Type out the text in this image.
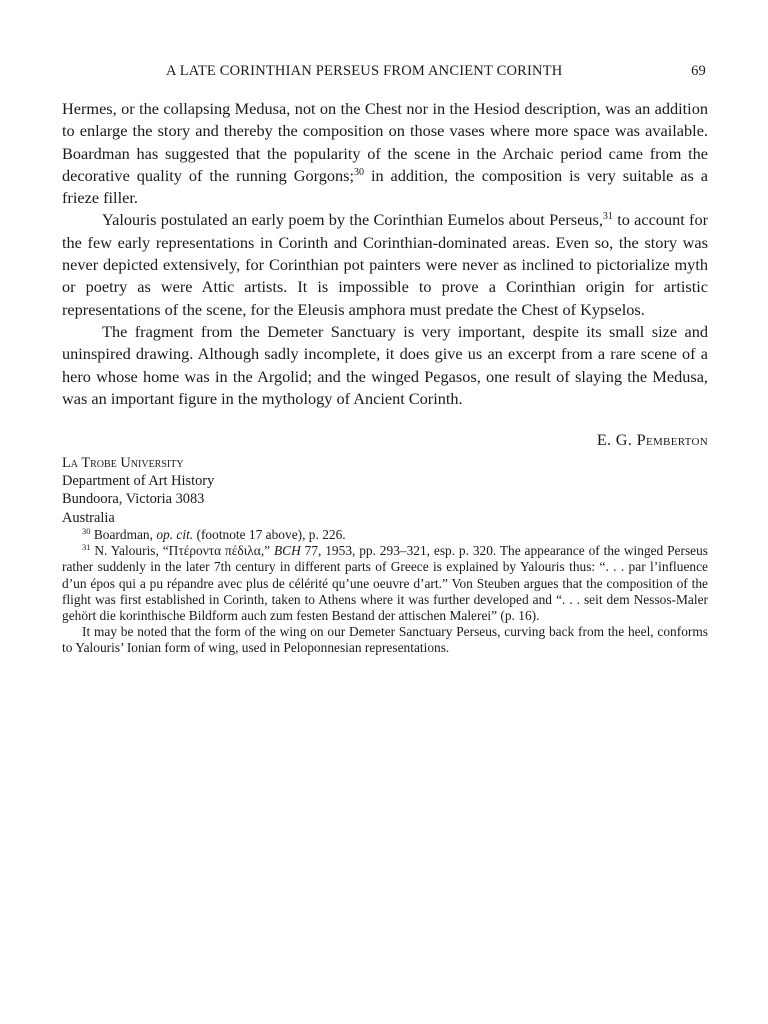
A LATE CORINTHIAN PERSEUS FROM ANCIENT CORINTH	69

Hermes, or the collapsing Medusa, not on the Chest nor in the Hesiod description, was an addition to enlarge the story and thereby the composition on those vases where more space was available. Boardman has suggested that the popularity of the scene in the Archaic period came from the decorative quality of the running Gorgons;$^{30}$ in addition, the composition is very suitable as a frieze filler.

Yalouris postulated an early poem by the Corinthian Eumelos about Perseus,$^{31}$ to account for the few early representations in Corinth and Corinthian-dominated areas. Even so, the story was never depicted extensively, for Corinthian pot painters were never as inclined to pictorialize myth or poetry as were Attic artists. It is impossible to prove a Corinthian origin for artistic representations of the scene, for the Eleusis amphora must predate the Chest of Kypselos.

The fragment from the Demeter Sanctuary is very important, despite its small size and uninspired drawing. Although sadly incomplete, it does give us an excerpt from a rare scene of a hero whose home was in the Argolid; and the winged Pegasos, one result of slaying the Medusa, was an important figure in the mythology of Ancient Corinth.

E. G. Pemberton
La Trobe University
Department of Art History
Bundoora, Victoria 3083
Australia

$^{30}$ Boardman, op. cit. (footnote 17 above), p. 226.

$^{31}$ N. Yalouris, “Πτέροντα πέδιλα,” BCH 77, 1953, pp. 293–321, esp. p. 320. The appearance of the winged Perseus rather suddenly in the later 7th century in different parts of Greece is explained by Yalouris thus: “. . . par l’influence d’un épos qui a pu répandre avec plus de célérité qu’une oeuvre d’art.” Von Steuben argues that the composition of the flight was first established in Corinth, taken to Athens where it was further developed and “. . . seit dem Nessos-Maler gehört die korinthische Bildform auch zum festen Bestand der attischen Malerei” (p. 16).

It may be noted that the form of the wing on our Demeter Sanctuary Perseus, curving back from the heel, conforms to Yalouris’ Ionian form of wing, used in Peloponnesian representations.
